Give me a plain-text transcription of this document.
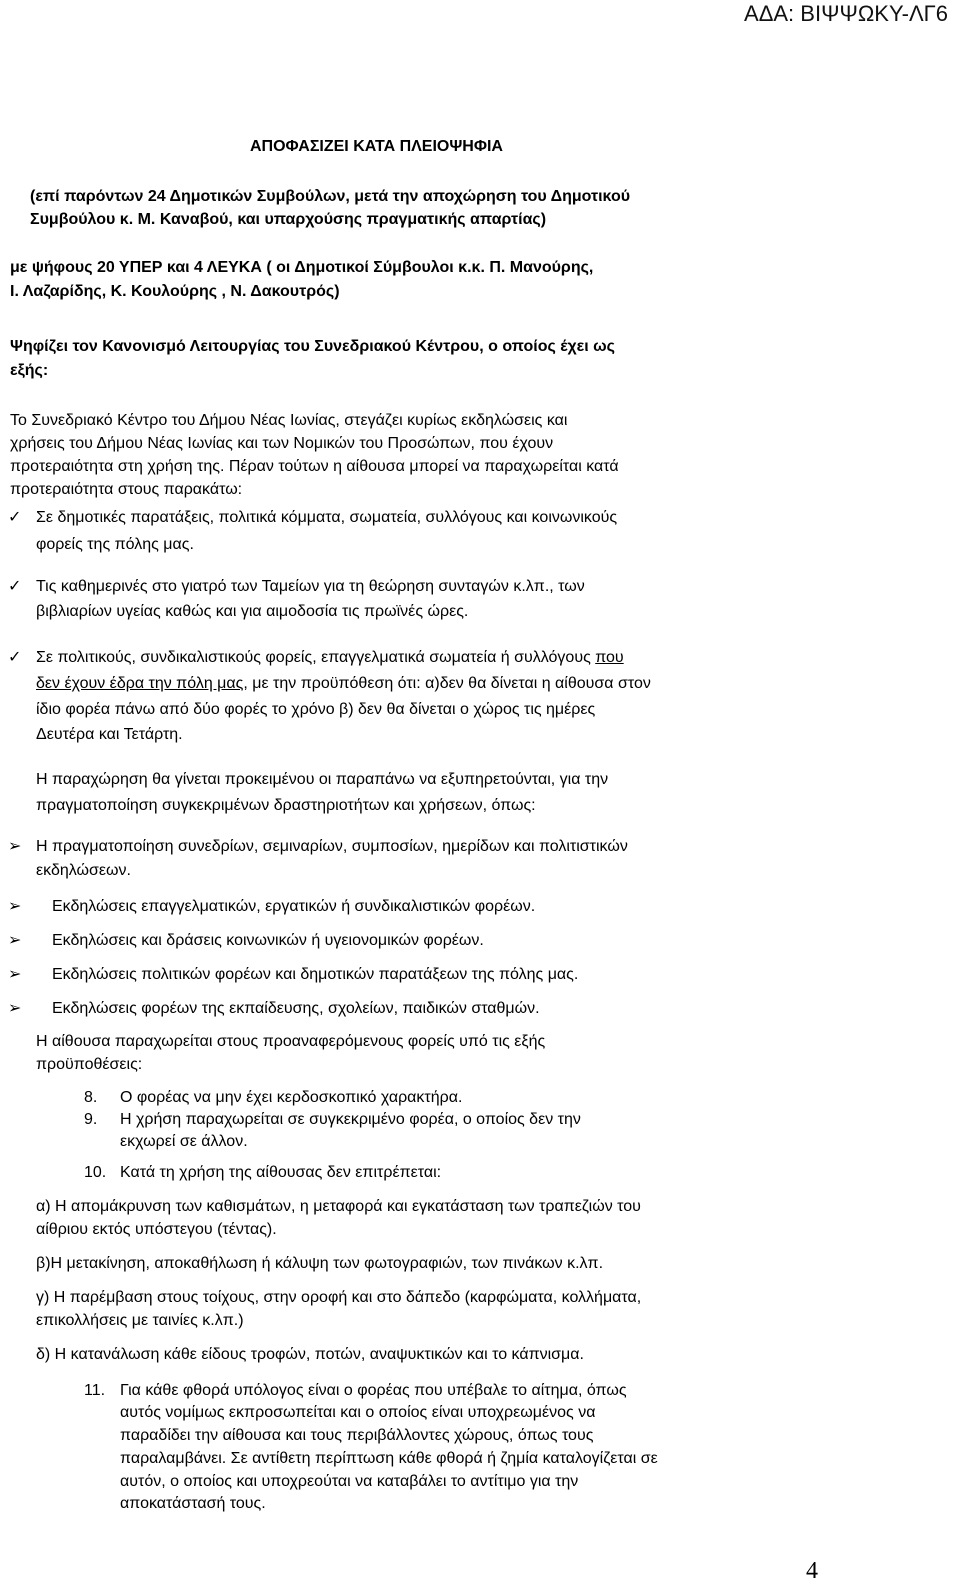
ΑΔΑ: ΒΙΨΨΩΚΥ-ΛΓ6
ΑΠΟΦΑΣΙΖΕΙ ΚΑΤΑ ΠΛΕΙΟΨΗΦΙΑ
(επί παρόντων 24 Δημοτικών Συμβούλων, μετά την αποχώρηση του Δημοτικού
Συμβούλου κ. Μ. Καναβού, και υπαρχούσης πραγματικής απαρτίας)
με ψήφους 20 ΥΠΕΡ και 4 ΛΕΥΚΑ ( οι Δημοτικοί Σύμβουλοι κ.κ. Π. Μανούρης,
Ι. Λαζαρίδης, Κ. Κουλούρης , Ν. Δακουτρός)
Ψηφίζει τον Κανονισμό Λειτουργίας του Συνεδριακού Κέντρου, ο οποίος έχει ως
εξής:
Το Συνεδριακό Κέντρο του Δήμου Νέας Ιωνίας, στεγάζει κυρίως εκδηλώσεις και
χρήσεις του Δήμου Νέας Ιωνίας και των Νομικών του Προσώπων, που έχουν
προτεραιότητα στη χρήση της. Πέραν τούτων η αίθουσα μπορεί να παραχωρείται κατά
προτεραιότητα στους παρακάτω:
✓ Σε δημοτικές παρατάξεις, πολιτικά κόμματα, σωματεία, συλλόγους και κοινωνικούς
φορείς της πόλης μας.
✓ Τις καθημερινές στο γιατρό των Ταμείων για τη θεώρηση συνταγών κ.λπ., των
βιβλιαρίων υγείας καθώς και για αιμοδοσία τις πρωϊνές ώρες.
✓ Σε πολιτικούς, συνδικαλιστικούς φορείς, επαγγελματικά σωματεία ή συλλόγους που
δεν έχουν έδρα την πόλη μας, με την προϋπόθεση ότι: α)δεν θα δίνεται η αίθουσα στον
ίδιο φορέα πάνω από δύο φορές το χρόνο β) δεν θα δίνεται ο χώρος τις ημέρες
Δευτέρα και Τετάρτη.
Η παραχώρηση θα γίνεται προκειμένου οι παραπάνω να εξυπηρετούνται, για την
πραγματοποίηση συγκεκριμένων δραστηριοτήτων και χρήσεων, όπως:
➢ Η πραγματοποίηση συνεδρίων, σεμιναρίων, συμποσίων, ημερίδων και πολιτιστικών
εκδηλώσεων.
➢ Εκδηλώσεις επαγγελματικών, εργατικών ή συνδικαλιστικών φορέων.
➢ Εκδηλώσεις και δράσεις κοινωνικών ή υγειονομικών φορέων.
➢ Εκδηλώσεις πολιτικών φορέων και δημοτικών παρατάξεων της πόλης μας.
➢ Εκδηλώσεις φορέων της εκπαίδευσης, σχολείων, παιδικών σταθμών.
Η αίθουσα παραχωρείται στους προαναφερόμενους φορείς υπό τις εξής
προϋποθέσεις:
8. Ο φορέας να μην έχει κερδοσκοπικό χαρακτήρα.
9. Η χρήση παραχωρείται σε συγκεκριμένο φορέα, ο οποίος δεν την
εκχωρεί σε άλλον.
10. Κατά τη χρήση της αίθουσας δεν επιτρέπεται:
α) Η απομάκρυνση των καθισμάτων, η μεταφορά και εγκατάσταση των τραπεζιών του
αίθριου εκτός υπόστεγου (τέντας).
β)Η μετακίνηση, αποκαθήλωση ή κάλυψη των φωτογραφιών, των πινάκων κ.λπ.
γ) Η παρέμβαση στους τοίχους, στην οροφή και στο δάπεδο (καρφώματα, κολλήματα,
επικολλήσεις με ταινίες κ.λπ.)
δ) Η κατανάλωση κάθε είδους τροφών, ποτών, αναψυκτικών και το κάπνισμα.
11. Για κάθε φθορά υπόλογος είναι ο φορέας που υπέβαλε το αίτημα, όπως
αυτός νομίμως εκπροσωπείται και ο οποίος είναι υποχρεωμένος να
παραδίδει την αίθουσα και τους περιβάλλοντες χώρους, όπως τους
παραλαμβάνει. Σε αντίθετη περίπτωση κάθε φθορά ή ζημία καταλογίζεται σε
αυτόν, ο οποίος και υποχρεούται να καταβάλει το αντίτιμο για την
αποκατάστασή τους.
4
